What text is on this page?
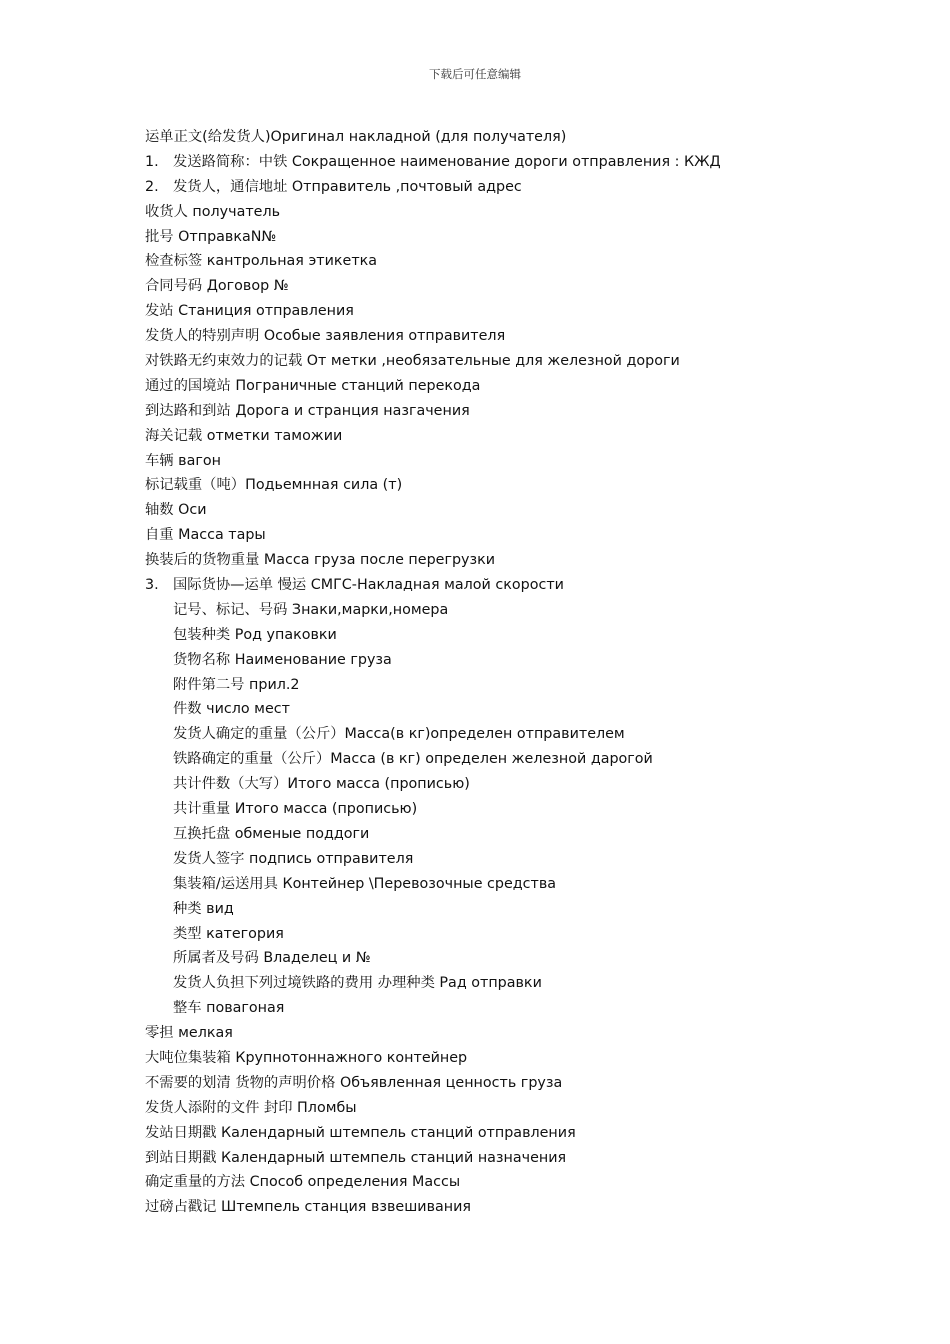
下载后可任意编辑
运单正文(给发货人)Оригинал накладной (для получателя)
1. 发送路简称：中铁 Сокращенное наименование дороги отправления : КЖД
2. 发货人，通信地址 Отправитель ,почтовый адрес
收货人 получатель
批号 ОтправкаN№
检查标签 кантрольная этикетка
合同号码 Договор №
发站 Станиция отправления
发货人的特别声明 Особые заявления отправителя
对铁路无约束效力的记载 От метки ,необязательные для железной дороги
通过的国境站 Пограничные станций перекода
到达路和到站 Дорога и странция назгачения
海关记载 отметки таможии
车辆 вагон
标记载重（吨）Подьемнная сила (т)
轴数 Оси
自重 Масса тары
换装后的货物重量 Масса груза после перегрузки
3. 国际货协—运单 慢运 СМГС-Накладная малой скорости
记号、标记、号码 Знаки,марки,номера
包装种类 Род упаковки
货物名称 Наименование груза
附件第二号 прил.2
件数 число мест
发货人确定的重量（公斤）Масса(в кг)определен отправителем
铁路确定的重量（公斤）Масса (в кг) определен железной дарогой
共计件数（大写）Итого масса (прописью)
共计重量 Итого масса (прописью)
互换托盘 обменые поддоги
发货人签字 подпись отправителя
集装箱/运送用具 Контейнер \Перевозочные средства
种类 вид
类型 категория
所属者及号码 Владелец и №
发货人负担下列过境铁路的费用 办理种类 Рад отправки
整车 повагоная
零担 мелкая
大吨位集装箱 Крупнотоннажного контейнер
不需要的划清 货物的声明价格 Объявленная ценность груза
发货人添附的文件 封印 Пломбы
发站日期戳 Календарный штемпель станций отправления
到站日期戳 Календарный штемпель станций назначения
确定重量的方法 Способ определения Массы
过磅占戳记 Штемпель станция взвешивания
